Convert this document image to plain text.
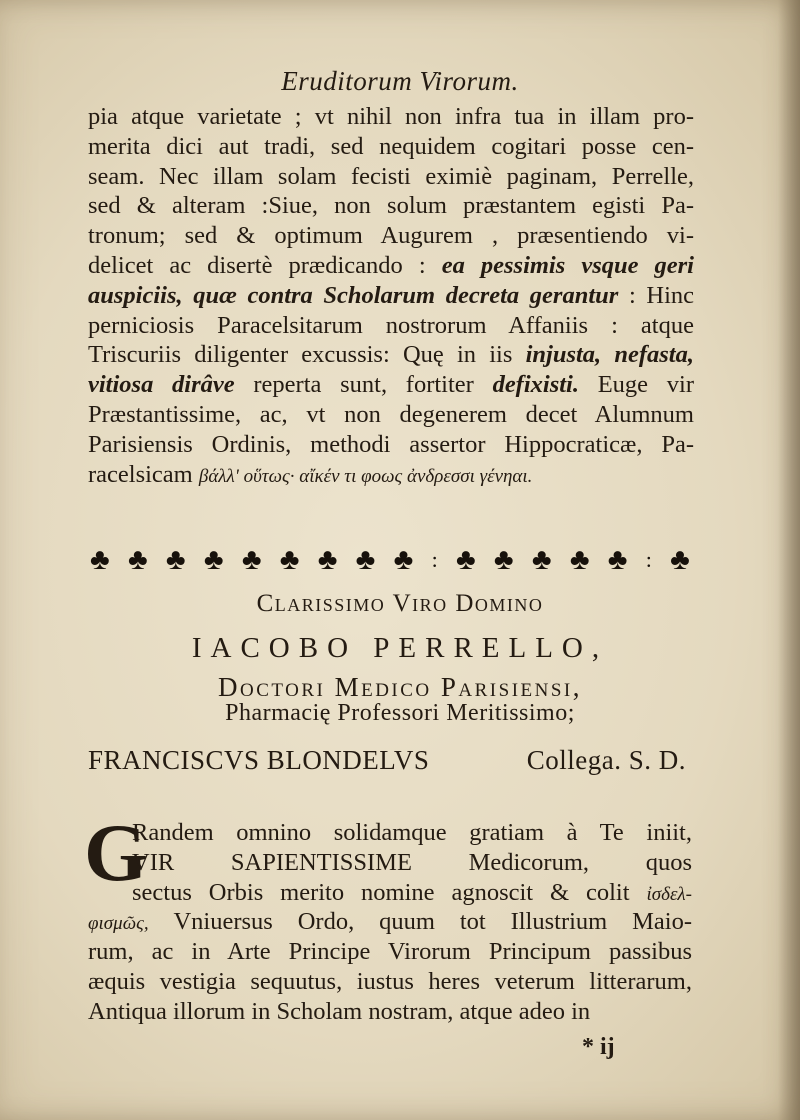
Eruditorum Virorum.
pia atque varietate ; vt nihil non infra tua in illam pro-
merita dici aut tradi, sed nequidem cogitari posse cen-
seam. Nec illam solam fecisti eximiè paginam, Perrelle,
sed & alteram :Siue, non solum præstantem egisti Pa-
tronum; sed & optimum Augurem , præsentiendo vi-
delicet ac disertè prædicando : ea pessimis vsque geri
auspiciis, quæ contra Scholarum decreta gerantur : Hinc
perniciosis Paracelsitarum nostrorum Affaniis : atque
Triscuriis diligenter excussis: Quę in iis injusta, nefasta,
vitiosa dirâve reperta sunt, fortiter defixisti. Euge vir
Præstantissime, ac, vt non degenerem decet Alumnum
Parisiensis Ordinis, methodi assertor Hippocraticæ, Pa-
racelsicam βάλλ' οὕτως· αἴκέν τι φοως ἀνδρεσσι γένηαι.
♣ ♣ ♣ ♣ ♣ ♣ ♣ ♣ ♣ : ♣ ♣ ♣ ♣ ♣ : ♣
Clarissimo Viro Domino
IACOBO PERRELLO,
Doctori Medico Parisiensi,
Pharmacię Professori Meritissimo;
FRANCISCVS BLONDELVS	Collega. S. D.
G
Randem omnino solidamque gratiam à Te iniit,
VIR SAPIENTISSIME Medicorum, quos
sectus Orbis merito nomine agnoscit & colit ἰσδελ-
φισμῶς, Vniuersus Ordo, quum tot Illustrium Maio-
rum, ac in Arte Principe Virorum Principum passibus
æquis vestigia sequutus, iustus heres veterum litterarum,
Antiqua illorum in Scholam nostram, atque adeo in
* ij
